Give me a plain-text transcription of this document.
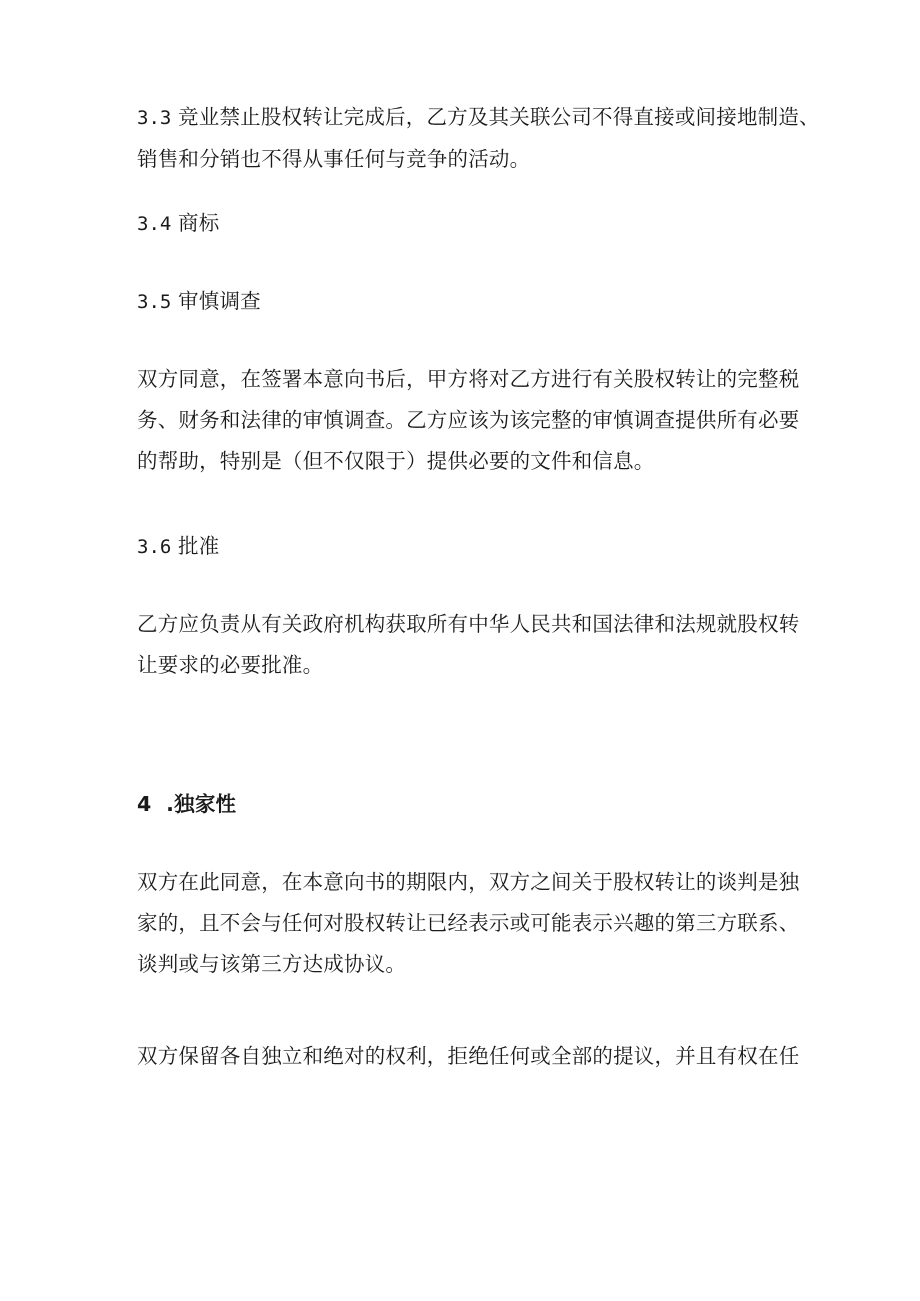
3.3 竞业禁止股权转让完成后，乙方及其关联公司不得直接或间接地制造、
销售和分销也不得从事任何与竞争的活动。
3.4 商标
3.5 审慎调查
双方同意，在签署本意向书后，甲方将对乙方进行有关股权转让的完整税
务、财务和法律的审慎调查。乙方应该为该完整的审慎调查提供所有必要
的帮助，特别是（但不仅限于）提供必要的文件和信息。
3.6 批准
乙方应负责从有关政府机构获取所有中华人民共和国法律和法规就股权转
让要求的必要批准。
4 .独家性
双方在此同意，在本意向书的期限内，双方之间关于股权转让的谈判是独
家的，且不会与任何对股权转让已经表示或可能表示兴趣的第三方联系、
谈判或与该第三方达成协议。
双方保留各自独立和绝对的权利，拒绝任何或全部的提议，并且有权在任
